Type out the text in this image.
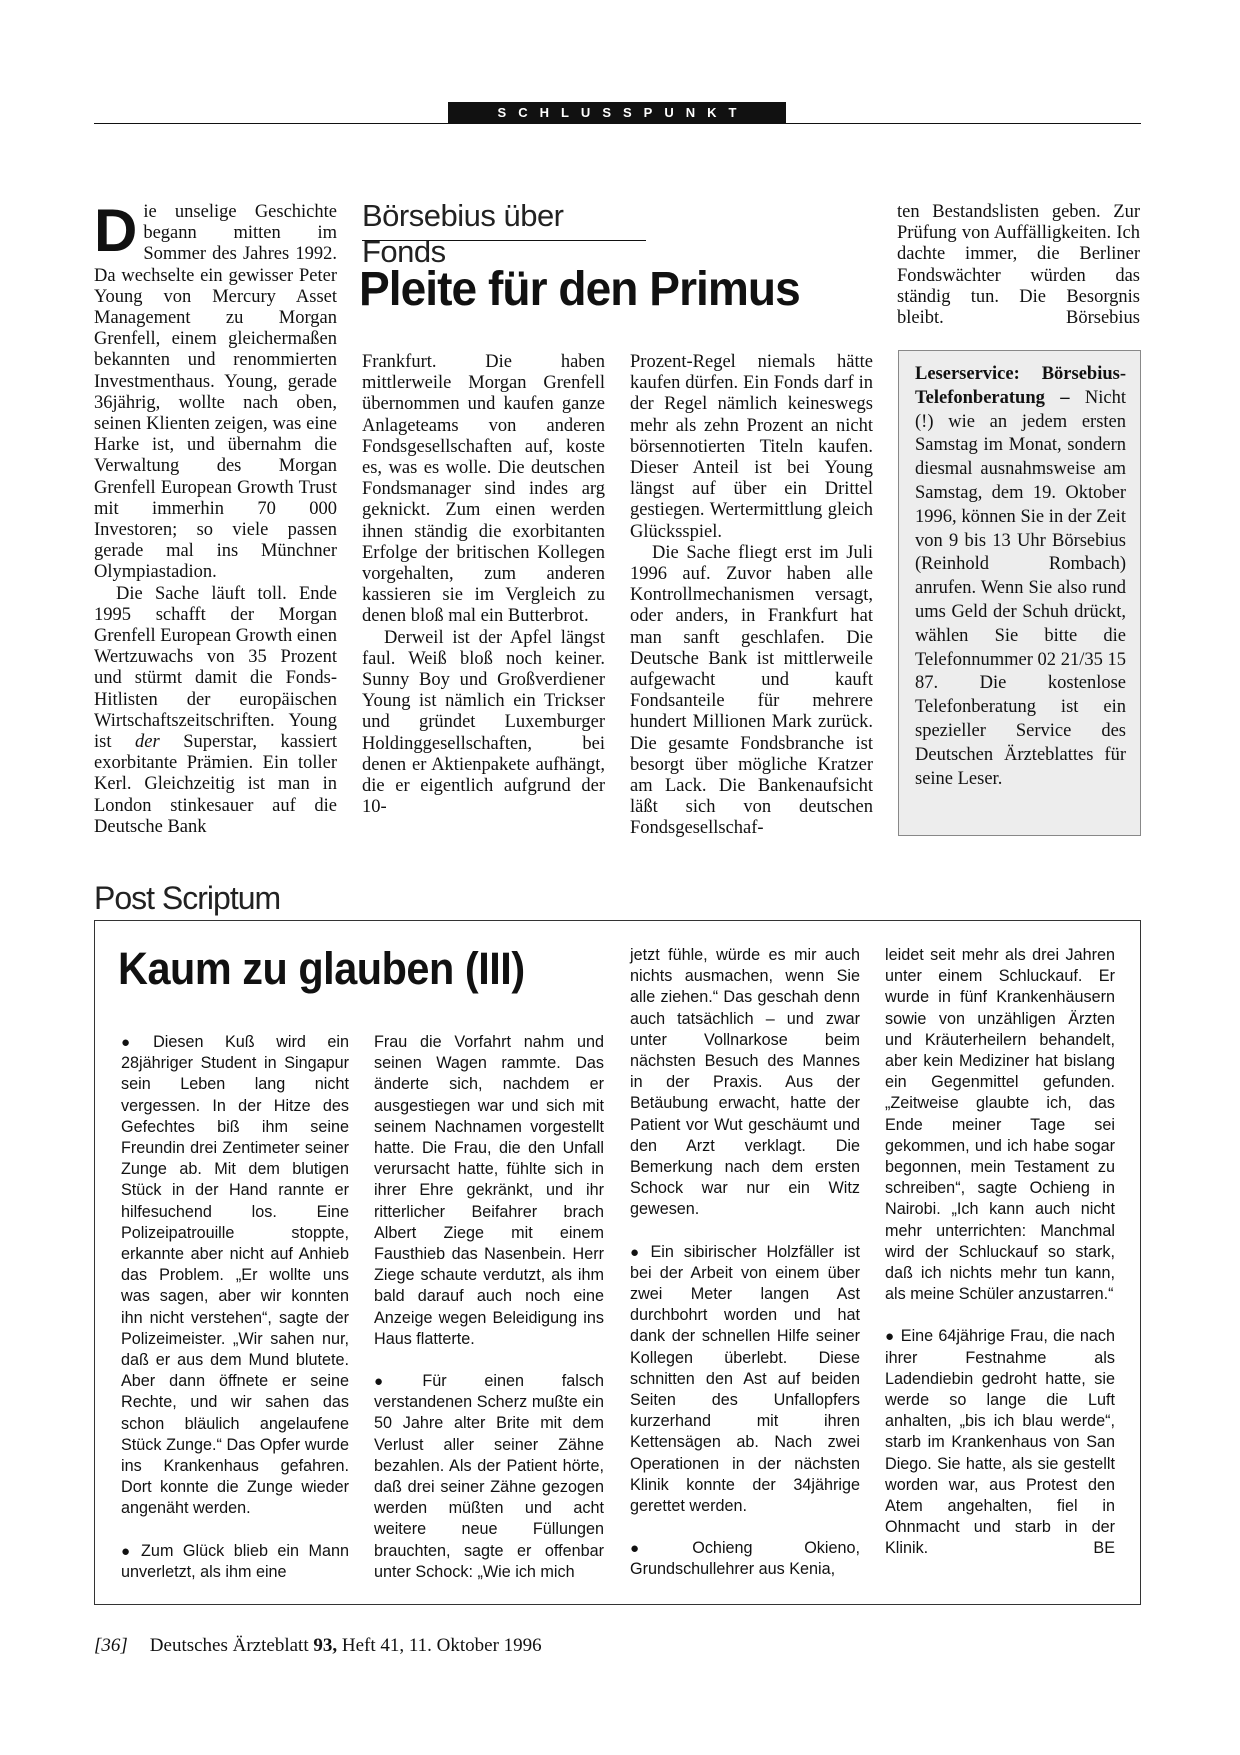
SCHLUSSPUNKT
D ie unselige Geschichte begann mitten im Sommer des Jahres 1992. Da wechselte ein gewisser Peter Young von Mercury Asset Management zu Morgan Grenfell, einem gleichermaßen bekannten und renommierten Investmenthaus. Young, gerade 36jährig, wollte nach oben, seinen Klienten zeigen, was eine Harke ist, und übernahm die Verwaltung des Morgan Grenfell European Growth Trust mit immerhin 70 000 Investoren; so viele passen gerade mal ins Münchner Olympiastadion.

Die Sache läuft toll. Ende 1995 schafft der Morgan Grenfell European Growth einen Wertzuwachs von 35 Prozent und stürmt damit die Fonds-Hitlisten der europäischen Wirtschaftszeitschriften. Young ist der Superstar, kassiert exorbitante Prämien. Ein toller Kerl. Gleichzeitig ist man in London stinkesauer auf die Deutsche Bank

Börsebius über Fonds
Pleite für den Primus

Frankfurt. Die haben mittlerweile Morgan Grenfell übernommen und kaufen ganze Anlageteams von anderen Fondsgesellschaften auf, koste es, was es wolle. Die deutschen Fondsmanager sind indes arg geknickt. Zum einen werden ihnen ständig die exorbitanten Erfolge der britischen Kollegen vorgehalten, zum anderen kassieren sie im Vergleich zu denen bloß mal ein Butterbrot.

Derweil ist der Apfel längst faul. Weiß bloß noch keiner. Sunny Boy und Großverdiener Young ist nämlich ein Trickser und gründet Luxemburger Holdinggesellschaften, bei denen er Aktienpakete aufhängt, die er eigentlich aufgrund der 10-

Prozent-Regel niemals hätte kaufen dürfen. Ein Fonds darf in der Regel nämlich keineswegs mehr als zehn Prozent an nicht börsennotierten Titeln kaufen. Dieser Anteil ist bei Young längst auf über ein Drittel gestiegen. Wertermittlung gleich Glücksspiel.

Die Sache fliegt erst im Juli 1996 auf. Zuvor haben alle Kontrollmechanismen versagt, oder anders, in Frankfurt hat man sanft geschlafen. Die Deutsche Bank ist mittlerweile aufgewacht und kauft Fondsanteile für mehrere hundert Millionen Mark zurück. Die gesamte Fondsbranche ist besorgt über mögliche Kratzer am Lack. Die Bankenaufsicht läßt sich von deutschen Fondsgesellschaf-

ten Bestandslisten geben. Zur Prüfung von Auffälligkeiten. Ich dachte immer, die Berliner Fondswächter würden das ständig tun. Die Besorgnis bleibt.	Börsebius

Leserservice: Börsebius-Telefonberatung – Nicht (!) wie an jedem ersten Samstag im Monat, sondern diesmal ausnahmsweise am Samstag, dem 19. Oktober 1996, können Sie in der Zeit von 9 bis 13 Uhr Börsebius (Reinhold Rombach) anrufen. Wenn Sie also rund ums Geld der Schuh drückt, wählen Sie bitte die Telefonnummer 02 21/35 15 87. Die kostenlose Telefonberatung ist ein spezieller Service des Deutschen Ärzteblattes für seine Leser.
Post Scriptum
Kaum zu glauben (III)

● Diesen Kuß wird ein 28jähriger Student in Singapur sein Leben lang nicht vergessen. In der Hitze des Gefechtes biß ihm seine Freundin drei Zentimeter seiner Zunge ab. Mit dem blutigen Stück in der Hand rannte er hilfesuchend los. Eine Polizeipatrouille stoppte, erkannte aber nicht auf Anhieb das Problem. „Er wollte uns was sagen, aber wir konnten ihn nicht verstehen“, sagte der Polizeimeister. „Wir sahen nur, daß er aus dem Mund blutete. Aber dann öffnete er seine Rechte, und wir sahen das schon bläulich angelaufene Stück Zunge.“ Das Opfer wurde ins Krankenhaus gefahren. Dort konnte die Zunge wieder angenäht werden.

● Zum Glück blieb ein Mann unverletzt, als ihm eine

Frau die Vorfahrt nahm und seinen Wagen rammte. Das änderte sich, nachdem er ausgestiegen war und sich mit seinem Nachnamen vorgestellt hatte. Die Frau, die den Unfall verursacht hatte, fühlte sich in ihrer Ehre gekränkt, und ihr ritterlicher Beifahrer brach Albert Ziege mit einem Fausthieb das Nasenbein. Herr Ziege schaute verdutzt, als ihm bald darauf auch noch eine Anzeige wegen Beleidigung ins Haus flatterte.

● Für einen falsch verstandenen Scherz mußte ein 50 Jahre alter Brite mit dem Verlust aller seiner Zähne bezahlen. Als der Patient hörte, daß drei seiner Zähne gezogen werden müßten und acht weitere neue Füllungen brauchten, sagte er offenbar unter Schock: „Wie ich mich

jetzt fühle, würde es mir auch nichts ausmachen, wenn Sie alle ziehen.“ Das geschah denn auch tatsächlich – und zwar unter Vollnarkose beim nächsten Besuch des Mannes in der Praxis. Aus der Betäubung erwacht, hatte der Patient vor Wut geschäumt und den Arzt verklagt. Die Bemerkung nach dem ersten Schock war nur ein Witz gewesen.

● Ein sibirischer Holzfäller ist bei der Arbeit von einem über zwei Meter langen Ast durchbohrt worden und hat dank der schnellen Hilfe seiner Kollegen überlebt. Diese schnitten den Ast auf beiden Seiten des Unfallopfers kurzerhand mit ihren Kettensägen ab. Nach zwei Operationen in der nächsten Klinik konnte der 34jährige gerettet werden.

● Ochieng Okieno, Grundschullehrer aus Kenia,

leidet seit mehr als drei Jahren unter einem Schluckauf. Er wurde in fünf Krankenhäusern sowie von unzähligen Ärzten und Kräuterheilern behandelt, aber kein Mediziner hat bislang ein Gegenmittel gefunden. „Zeitweise glaubte ich, das Ende meiner Tage sei gekommen, und ich habe sogar begonnen, mein Testament zu schreiben“, sagte Ochieng in Nairobi. „Ich kann auch nicht mehr unterrichten: Manchmal wird der Schluckauf so stark, daß ich nichts mehr tun kann, als meine Schüler anzustarren.“

● Eine 64jährige Frau, die nach ihrer Festnahme als Ladendiebin gedroht hatte, sie werde so lange die Luft anhalten, „bis ich blau werde“, starb im Krankenhaus von San Diego. Sie hatte, als sie gestellt worden war, aus Protest den Atem angehalten, fiel in Ohnmacht und starb in der Klinik.	BE

[36] Deutsches Ärzteblatt 93, Heft 41, 11. Oktober 1996
